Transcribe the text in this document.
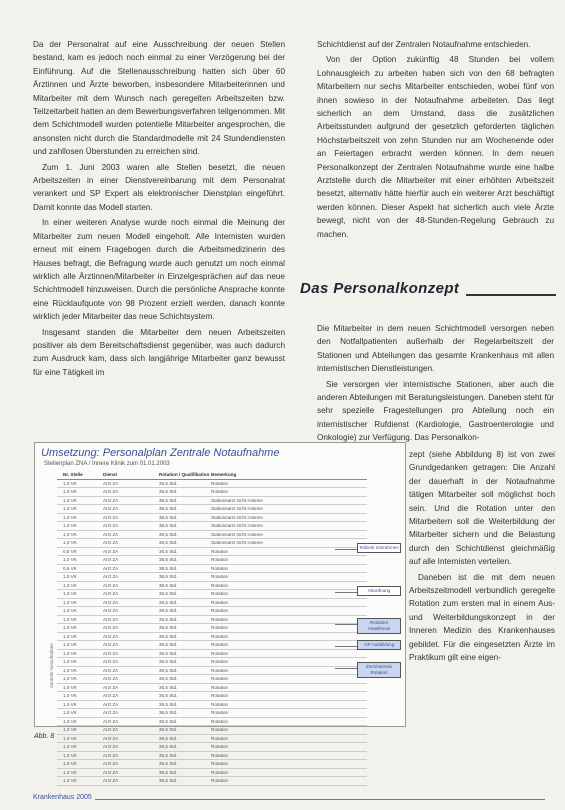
Da der Personalrat auf eine Ausschreibung der neuen Stellen bestand, kam es jedoch noch einmal zu einer Verzögerung bei der Einführung. Auf die Stellenausschreibung hatten sich über 60 Ärztinnen und Ärzte beworben, insbesondere Mitarbeiterinnen und Mitarbeiter mit dem Wunsch nach geregelten Arbeitszeiten bzw. Teilzeitarbeit hatten an dem Bewerbungsverfahren teilgenommen. Mit dem Schichtmodell wurden potentielle Mitarbeiter angesprochen, die ansonsten nicht durch die Standardmodelle mit 24 Stundendiensten und zahllosen Überstunden zu erreichen sind.

Zum 1. Juni 2003 waren alle Stellen besetzt, die neuen Arbeitszeiten in einer Dienstvereinbarung mit dem Personalrat verankert und SP Expert als elektronischer Dienstplan eingeführt. Damit konnte das Modell starten.

In einer weiteren Analyse wurde noch einmal die Meinung der Mitarbeiter zum neuen Modell eingeholt. Alle Internisten wurden erneut mit einem Fragebogen durch die Arbeitsmedizinerin des Hauses befragt, die Befragung wurde auch genutzt um noch einmal wirklich alle Ärztinnen/Mitarbeiter in Einzelgesprächen auf das neue Schichtmodell hinzuweisen. Durch die persönliche Ansprache konnte eine Rücklaufquote von 98 Prozent erzielt werden, danach konnte wirklich jeder Mitarbeiter das neue Schichtsystem.

Insgesamt standen die Mitarbeiter dem neuen Arbeitszeiten positiver als dem Bereitschaftsdienst gegenüber, was auch dadurch zum Ausdruck kam, dass sich langjährige Mitarbeiter ganz bewusst für eine Tätigkeit im

Schichtdienst auf der Zentralen Notaufnahme entschieden.

Von der Option zukünftig 48 Stunden bei vollem Lohnausgleich zu arbeiten haben sich von den 68 befragten Mitarbeitern nur sechs Mitarbeiter entschieden, wobei fünf von ihnen sowieso in der Notaufnahme arbeiteten. Das liegt sicherlich an dem Umstand, dass die zusätzlichen Arbeitsstunden aufgrund der gesetzlich geforderten täglichen Höchstarbeitszeit von zehn Stunden nur am Wochenende oder an Feiertagen erbracht werden können. In dem neuen Personalkonzept der Zentralen Notaufnahme wurde eine halbe Arztstelle durch die Mitarbeiter mit einer erhöhten Arbeitszeit besetzt, alternativ hätte hierfür auch ein weiterer Arzt beschäftigt werden können. Dieser Aspekt hat sicherlich auch viele Ärzte bewegt, nicht von der 48-Stunden-Regelung Gebrauch zu machen.

Das Personalkonzept

Die Mitarbeiter in dem neuen Schichtmodell versorgen neben den Notfallpatienten außerhalb der Regelarbeitszeit der Stationen und Abteilungen das gesamte Krankenhaus mit allen internistischen Dienstleistungen.

Sie versorgen vier internistische Stationen, aber auch die anderen Abteilungen mit Beratungsleistungen. Daneben steht für sehr spezielle Fragestellungen pro Abteilung noch ein internistischer Rufdienst (Kardiologie, Gastroenterologie und Onkologie) zur Verfügung. Das Personalkon-

zept (siehe Abbildung 8) ist von zwei Grundgedanken getragen: Die Anzahl der dauerhaft in der Notaufnahme tätigen Mitarbeiter soll möglichst hoch sein. Und die Rotation unter den Mitarbeitern soll die Weiterbildung der Mitarbeiter sichern und die Belastung durch den Schichtdienst gleichmäßig auf alle Internisten verteilen.

Daneben ist die mit dem neuen Arbeitszeitmodell verbundlich geregelte Rotation zum ersten mal in einem Aus- und Weiterbildungskonzept in der Inneren Medizin des Krankenhauses gebildet. Für die eingesetzten Ärzte im Praktikum gilt eine eigen-

Umsetzung: Personalplan Zentrale Notaufnahme
Stellenplan ZNA / Innere Klinik zum 01.01.2003
Zentrale Notaufnahme
Nr. Stelle	Dienst	Rotation / Qualifikation Bemerkung
1,0 VK	Arzt ZA	36,5 Std.	Rotation
1,0 VK	Arzt ZA	36,5 Std.	Rotation
1,0 VK	Arzt ZA	38,5 Std.	Stationsarzt nicht rotieren
1,0 VK	Arzt ZA	38,5 Std.	Stationsarzt nicht rotieren
1,0 VK	Arzt ZA	38,5 Std.	Stationsarzt nicht rotieren
1,0 VK	Arzt ZA	38,5 Std.	Stationsarzt nicht rotieren
1,0 VK	Arzt ZA	36,5 Std.	Stationsarzt nicht rotieren
1,0 VK	Arzt ZA	36,5 Std.	Stationsarzt nicht rotieren
0,5 VK	Arzt ZA	36,5 Std.	Rotation
1,0 VK	Arzt ZA	38,5 Std.	Rotation
0,5 VK	Arzt ZA	38,5 Std.	Rotation
1,0 VK	Arzt ZA	38,5 Std.	Rotation
1,0 VK	Arzt ZA	38,5 Std.	Rotation
1,0 VK	Arzt ZA	36,5 Std.	Rotation
1,0 VK	Arzt ZA	36,5 Std.	Rotation
1,0 VK	Arzt ZA	36,5 Std.	Rotation
1,0 VK	Arzt ZA	36,5 Std.	Rotation
1,0 VK	Arzt ZA	36,5 Std.	Rotation
1,0 VK	Arzt ZA	36,5 Std.	Rotation
1,0 VK	Arzt ZA	36,5 Std.	Rotation
1,0 VK	Arzt ZA	36,5 Std.	Rotation
1,0 VK	Arzt ZA	36,5 Std.	Rotation
1,0 VK	Arzt ZA	36,5 Std.	Rotation
1,0 VK	Arzt ZA	36,5 Std.	Rotation
1,0 VK	Arzt ZA	36,5 Std.	Rotation
1,0 VK	Arzt ZA	36,5 Std.	Rotation
1,0 VK	Arzt ZA	36,5 Std.	Rotation
1,0 VK	Arzt ZA	36,5 Std.	Rotation
1,0 VK	Arzt ZA	36,5 Std.	Rotation
1,0 VK	Arzt ZA	36,5 Std.	Rotation
1,0 VK	Arzt ZA	36,5 Std.	Rotation
1,0 VK	Arzt ZA	36,5 Std.	Rotation
1,0 VK	Arzt ZA	36,5 Std.	Rotation
1,0 VK	Arzt ZA	36,5 Std.	Rotation
1,0 VK	Arzt ZA	36,5 Std.	Rotation
1,0 VK	Arzt ZA	36,5 Std.	Rotation
Teilzeit/ Zeitrahmen
Abordnung
Rotation/ Anästhesie
AiP Ausbildung
ZNA/Intensiv Rotation
Abb. 8
Krankenhaus 2005
